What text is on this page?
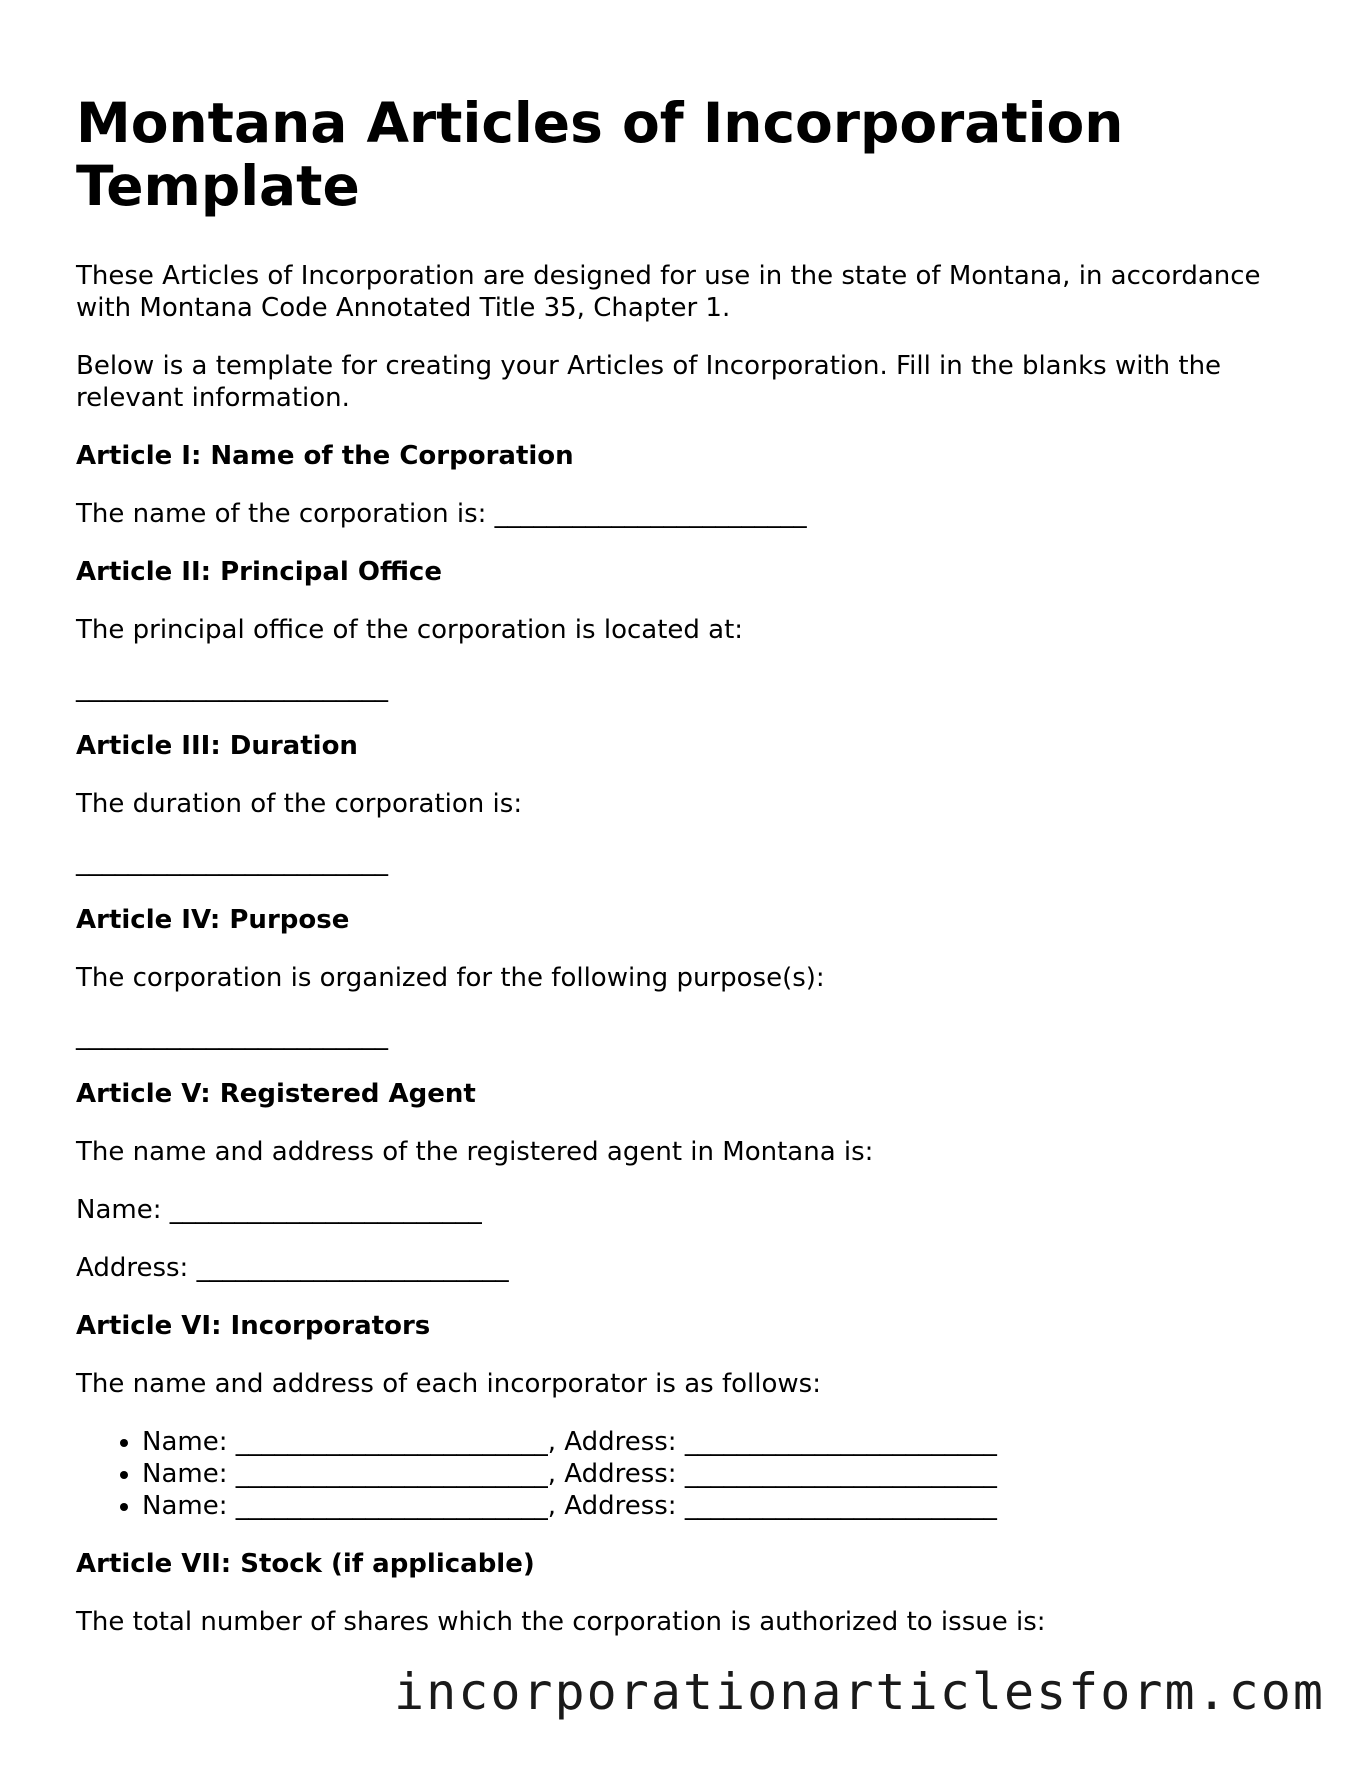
Montana Articles of Incorporation Template

These Articles of Incorporation are designed for use in the state of Montana, in accordance with Montana Code Annotated Title 35, Chapter 1.

Below is a template for creating your Articles of Incorporation. Fill in the blanks with the relevant information.

Article I: Name of the Corporation

The name of the corporation is: ________________________

Article II: Principal Office

The principal office of the corporation is located at:

________________________

Article III: Duration

The duration of the corporation is:

________________________

Article IV: Purpose

The corporation is organized for the following purpose(s):

________________________

Article V: Registered Agent

The name and address of the registered agent in Montana is:

Name: ________________________

Address: ________________________

Article VI: Incorporators

The name and address of each incorporator is as follows:

• Name: ________________________, Address: ________________________
• Name: ________________________, Address: ________________________
• Name: ________________________, Address: ________________________
Article VII: Stock (if applicable)

The total number of shares which the corporation is authorized to issue is:

incorporationarticlesform.com
